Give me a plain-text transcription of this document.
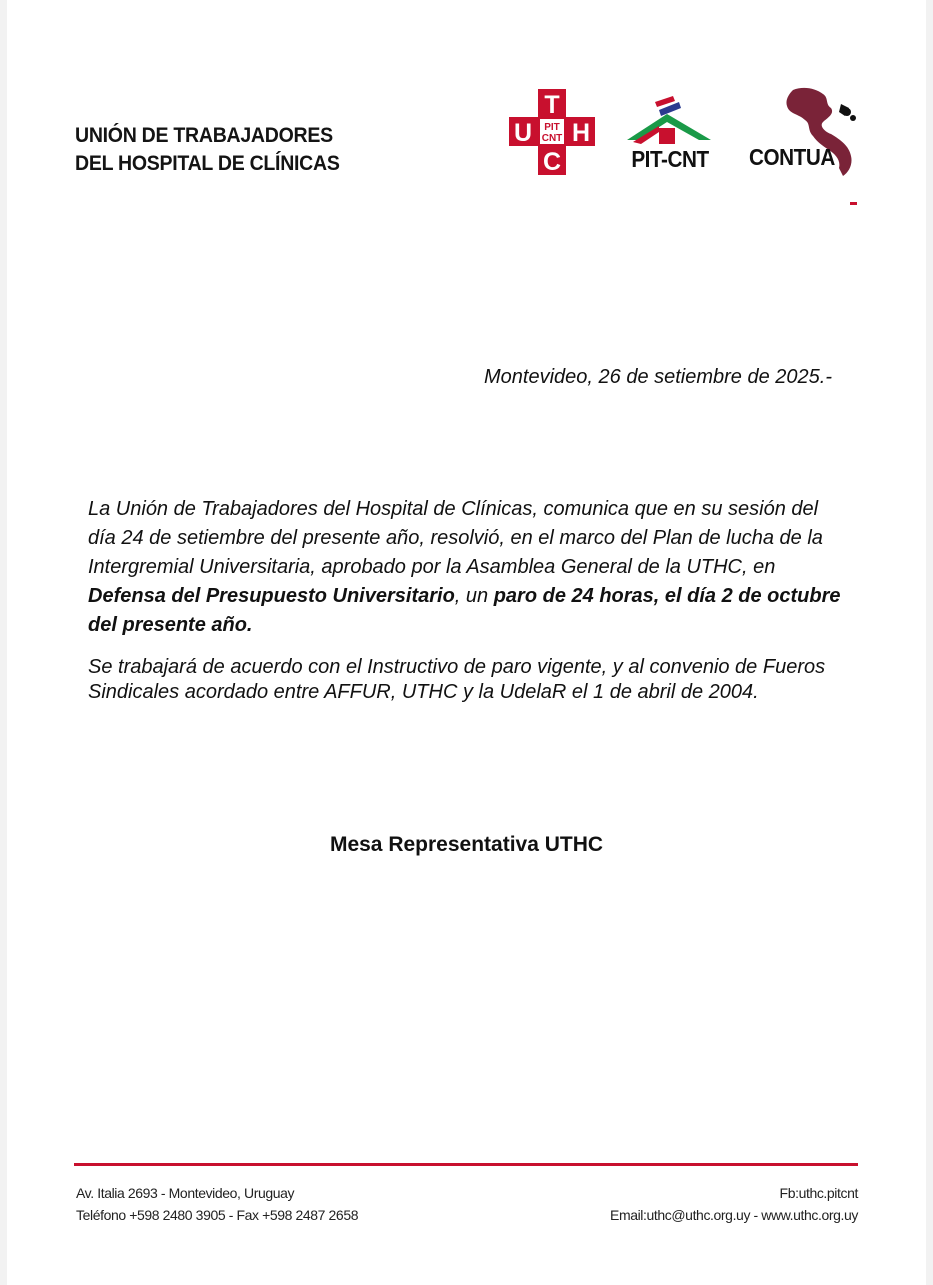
UNIÓN DE TRABAJADORES
DEL HOSPITAL DE CLÍNICAS
T
U H
C
PIT
CNT
PIT-CNT	CONTUA
Montevideo, 26 de setiembre de 2025.-
La Unión de Trabajadores del Hospital de Clínicas, comunica que en su sesión del día 24 de setiembre del presente año, resolvió, en el marco del Plan de lucha de la Intergremial Universitaria, aprobado por la Asamblea General de la UTHC, en Defensa del Presupuesto Universitario, un paro de 24 horas, el día 2 de octubre del presente año.
Se trabajará de acuerdo con el Instructivo de paro vigente, y al convenio de Fueros Sindicales acordado entre AFFUR, UTHC y la UdelaR el 1 de abril de 2004.
Mesa Representativa UTHC
Av. Italia 2693 - Montevideo, Uruguay
Teléfono +598 2480 3905 - Fax +598 2487 2658
Fb:uthc.pitcnt
Email:uthc@uthc.org.uy - www.uthc.org.uy
